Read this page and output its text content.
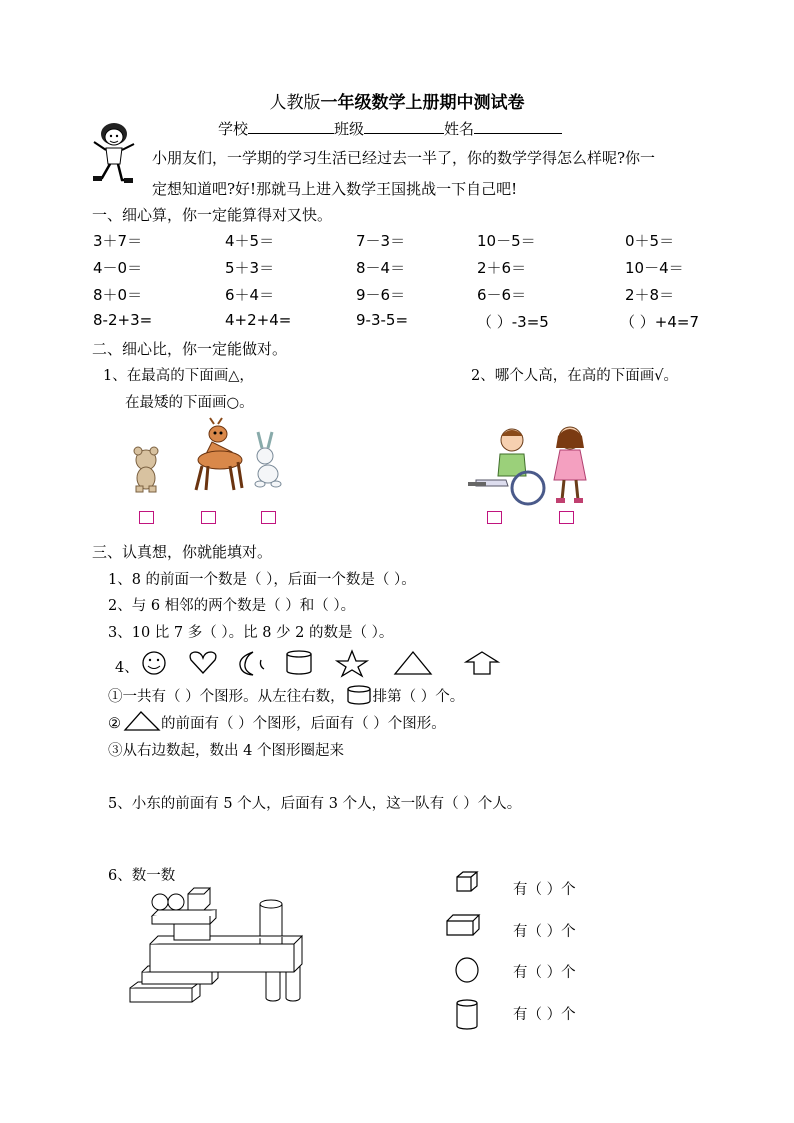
人教版一年级数学上册期中测试卷
学校	班级	姓名
小朋友们，一学期的学习生活已经过去一半了，你的数学学得怎么样呢?你一
定想知道吧?好!那就马上进入数学王国挑战一下自己吧!
一、细心算，你一定能算得对又快。
3＋7＝	4＋5＝	7－3＝	10－5＝	0＋5＝
4－0＝	5＋3＝	8－4＝	2＋6＝	10－4＝
8＋0＝	6＋4＝	9－6＝	6－6＝	2＋8＝
8-2+3=	4+2+4=	9-3-5=	（ ）-3=5	（ ）+4=7
二、细心比，你一定能做对。
1、在最高的下面画△，
在最矮的下面画○。
2、哪个人高，在高的下面画√。
三、认真想，你就能填对。
1、8 的前面一个数是（ ），后面一个数是（ ）。
2、与 6 相邻的两个数是（ ）和（ ）。
3、10 比 7 多（ ）。比 8 少 2 的数是（ ）。
4、
①一共有（ ）个图形。从左往右数， 排第（ ）个。
②	的前面有（ ）个图形，后面有（ ）个图形。
③从右边数起，数出 4 个图形圈起来
5、小东的前面有 5 个人，后面有 3 个人，这一队有（ ）个人。
6、数一数
有（ ）个
有（ ）个
有（ ）个
有（ ）个
